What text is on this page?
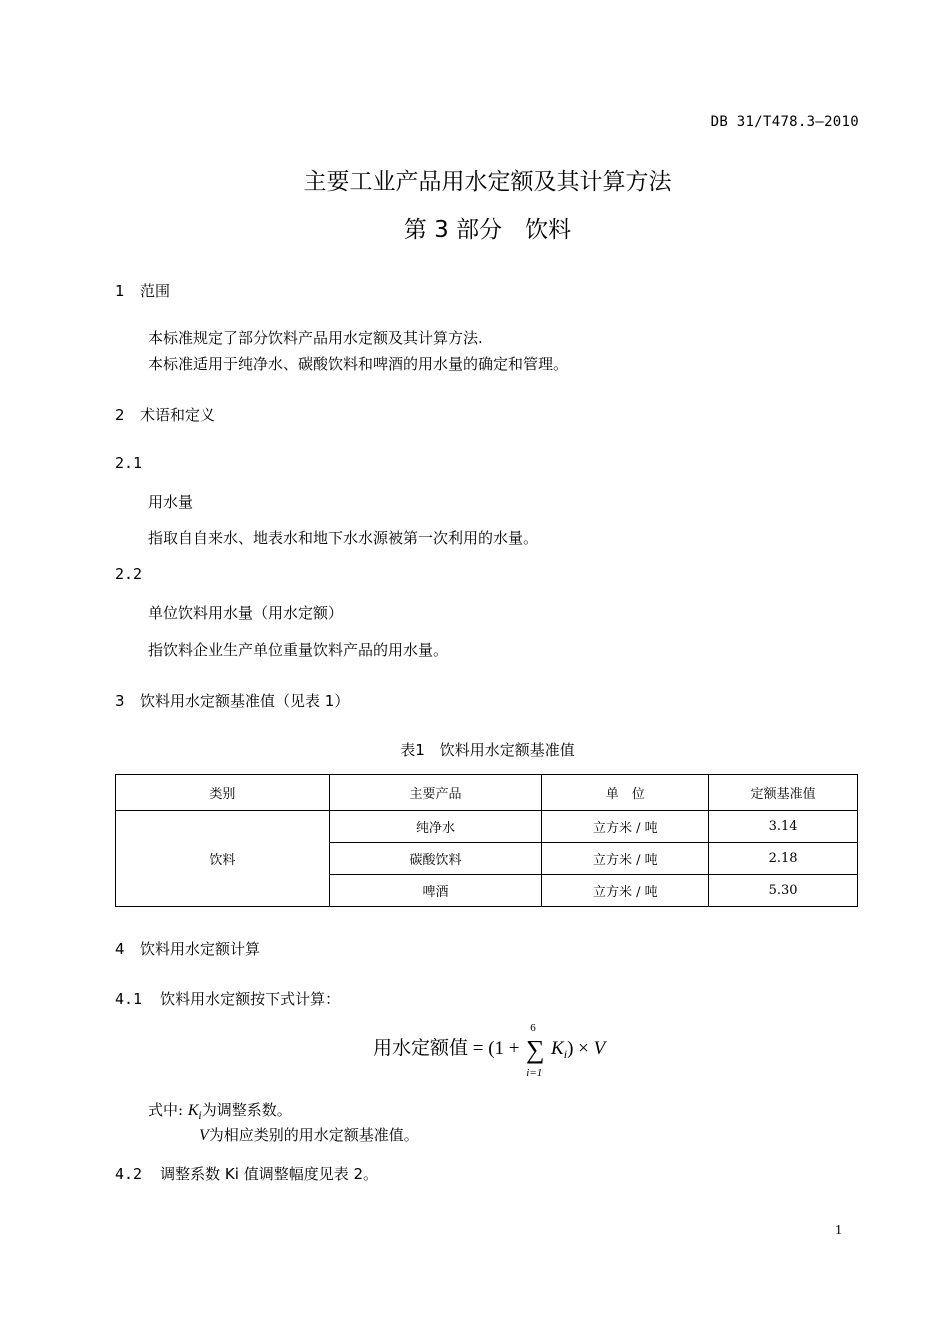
DB 31/T478.3—2010
主要工业产品用水定额及其计算方法
第 3 部分　饮料
1 范围
本标准规定了部分饮料产品用水定额及其计算方法.
本标准适用于纯净水、碳酸饮料和啤酒的用水量的确定和管理。
2 术语和定义
2.1
用水量
指取自自来水、地表水和地下水水源被第一次利用的水量。
2.2
单位饮料用水量（用水定额）
指饮料企业生产单位重量饮料产品的用水量。
3 饮料用水定额基准值（见表 1）
表1　饮料用水定额基准值
类别	主要产品	单　位	定额基准值
饮料	纯净水	立方米 / 吨	3.14
	碳酸饮料	立方米 / 吨	2.18
	啤酒	立方米 / 吨	5.30
4 饮料用水定额计算
4.1 饮料用水定额按下式计算：
用水定额值 = (1 + ∑
6
i=1
$K_i) \times V$
式中: $K_i$为调整系数。
V为相应类别的用水定额基准值。
4.2 调整系数 Ki 值调整幅度见表 2。
1
